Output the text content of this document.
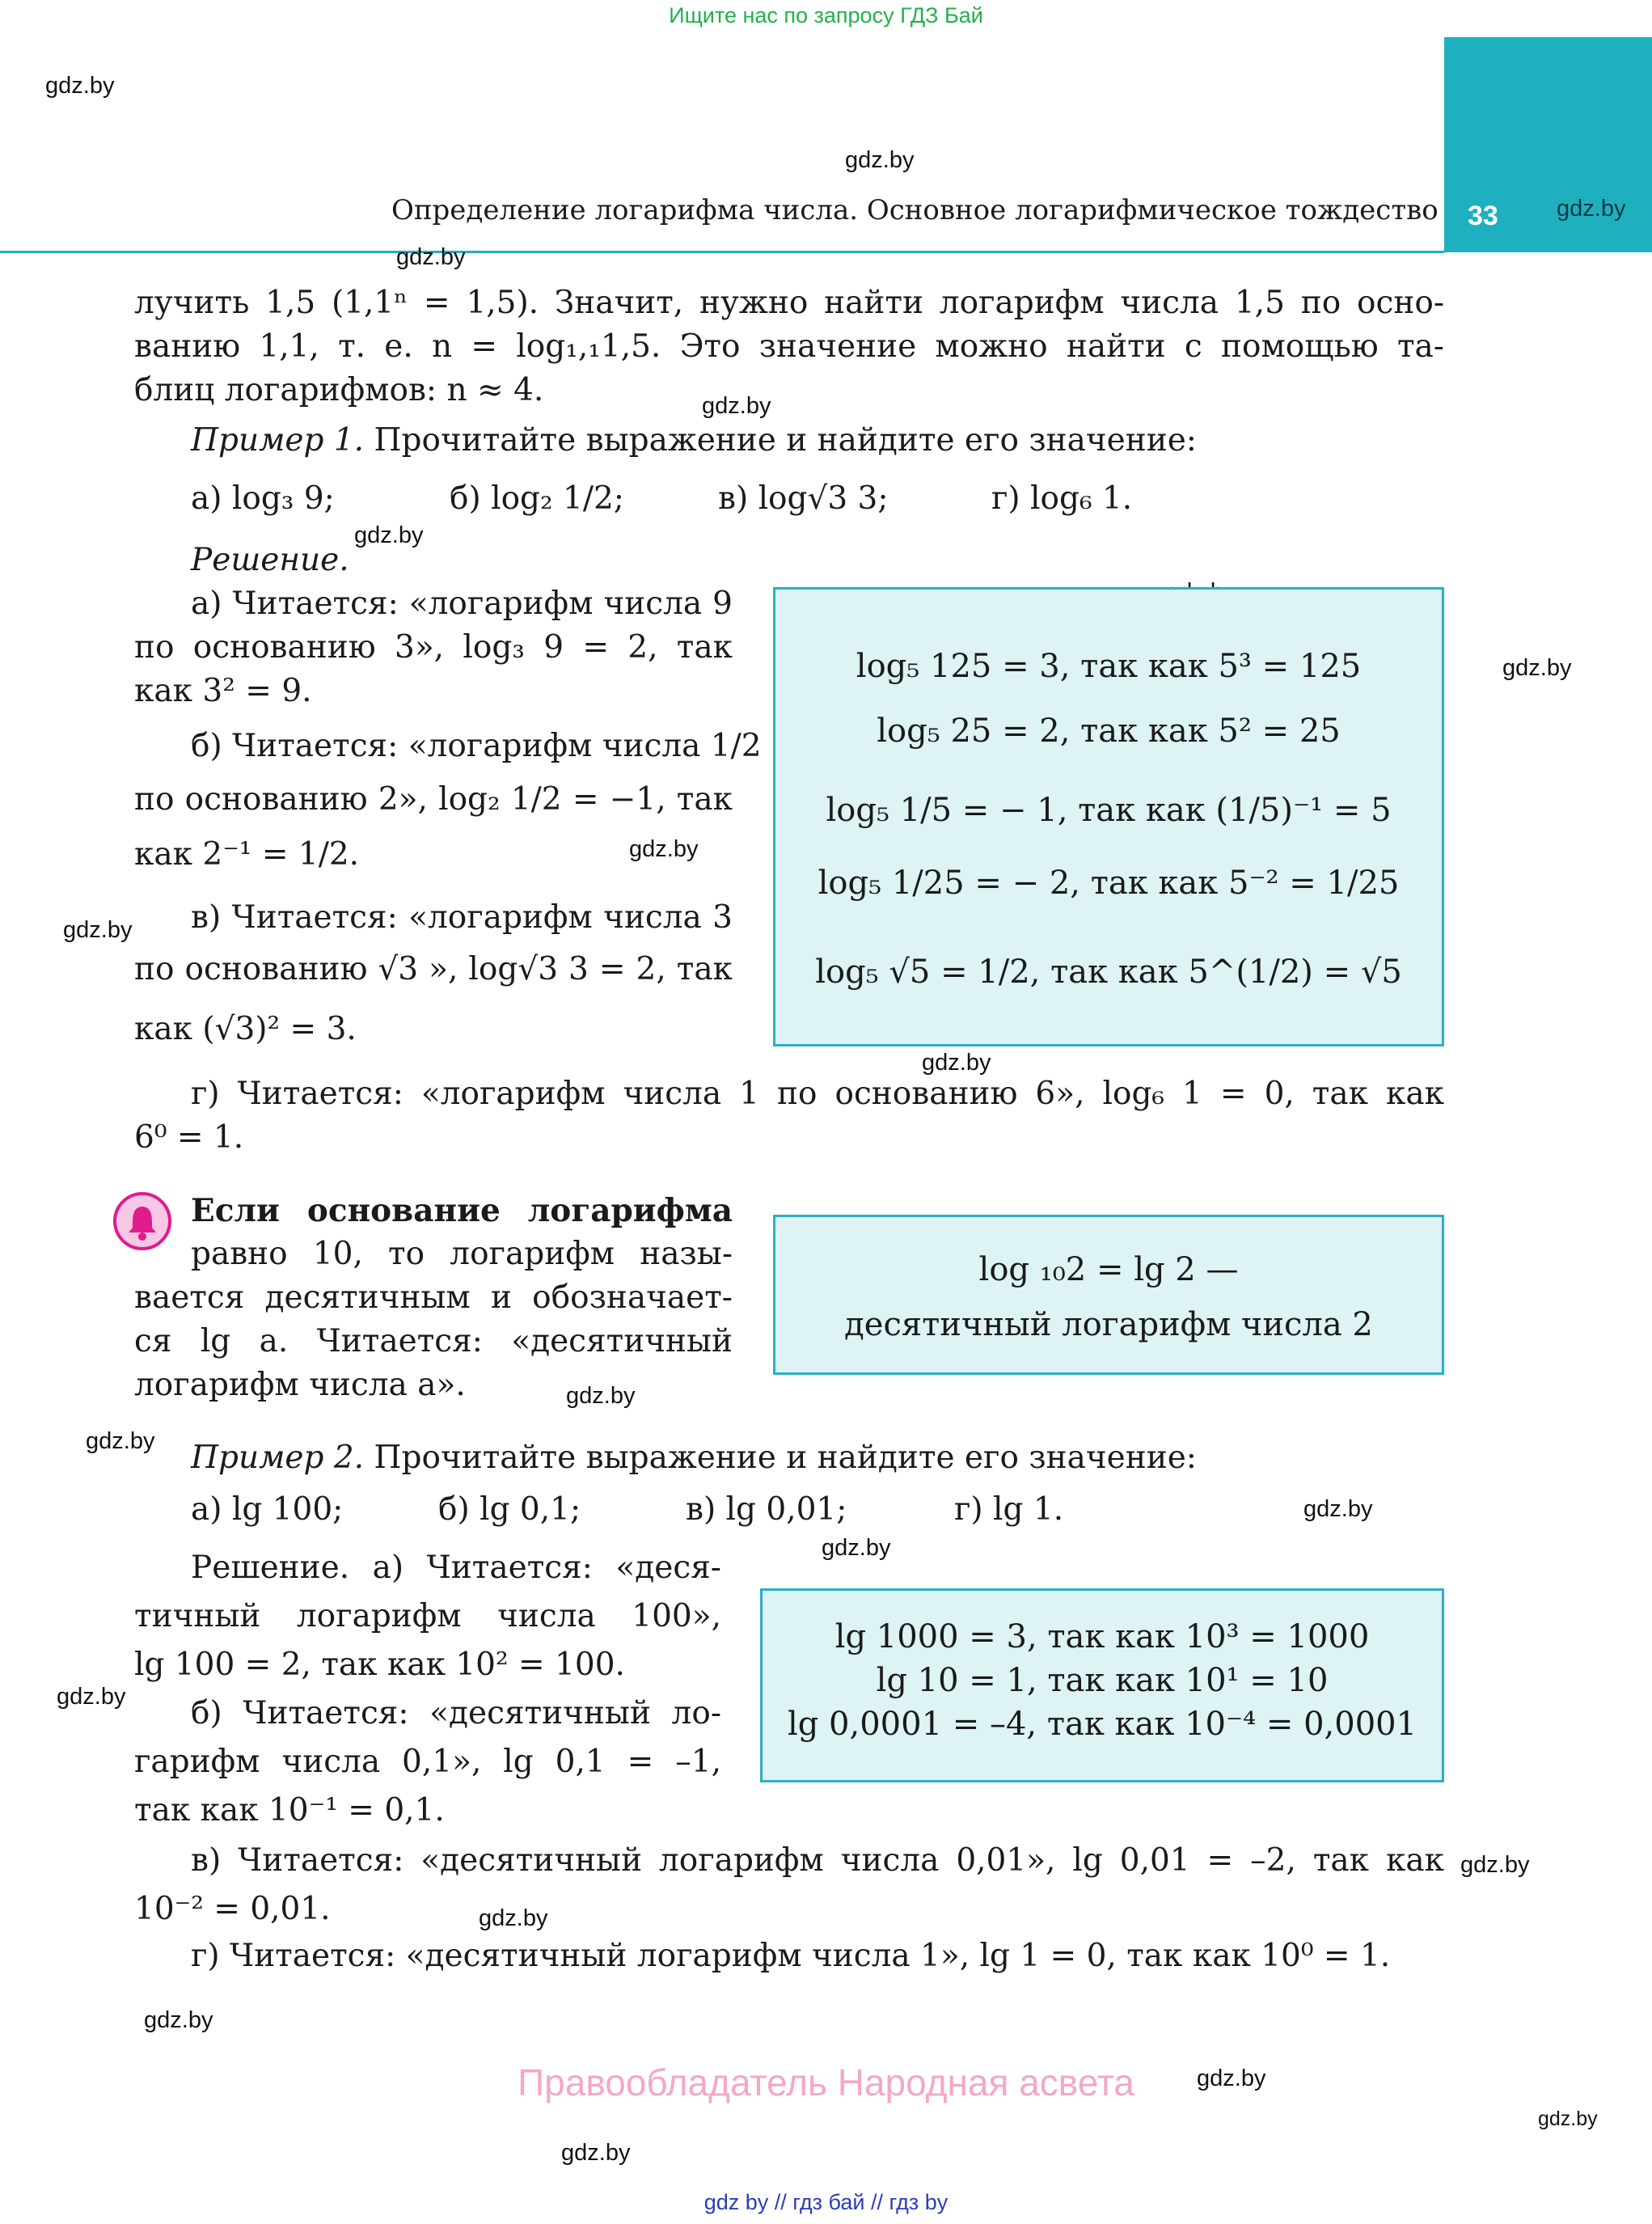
Ищите нас по запросу ГДЗ Бай
33
Определение логарифма числа. Основное логарифмическое тождество
gdz.by
gdz.by
gdz.by
gdz.by
gdz.by
gdz.by
gdz.by
gdz.by
gdz.by
gdz.by
gdz.by
gdz.by
gdz.by
gdz.by
gdz.by
gdz.by
gdz.by
gdz.by
gdz.by
gdz.by
gdz.by
лучить 1,5 (1,1ⁿ = 1,5). Значит, нужно найти логарифм числа 1,5 по осно-
ванию 1,1, т. е. n = log₁,₁1,5. Это значение можно найти с помощью та-
блиц логарифмов: n ≈ 4.
Пример 1. Прочитайте выражение и найдите его значение:
а) log₃ 9;	б) log₂ 1/2;	в) log√3 3;	г) log₆ 1.
Решение.
а) Читается: «логарифм числа 9
по основанию 3», log₃ 9 = 2, так
как 3² = 9.
б) Читается: «логарифм числа 1/2
по основанию 2», log₂ 1/2 = −1, так
как 2⁻¹ = 1/2.
в) Читается: «логарифм числа 3
по основанию √3 », log√3 3 = 2, так
как (√3)² = 3.
г) Читается: «логарифм числа 1 по основанию 6», log₆ 1 = 0, так как
6⁰ = 1.
log₅ 125 = 3, так как 5³ = 125
log₅ 25 = 2, так как 5² = 25
log₅ 1/5 = − 1, так как (1/5)⁻¹ = 5
log₅ 1/25 = − 2, так как 5⁻² = 1/25
log₅ √5 = 1/2, так как 5^(1/2) = √5
Если основание логарифма
равно 10, то логарифм назы-
вается десятичным и обозначает-
ся lg a. Читается: «десятичный
логарифм числа a».
log ₁₀2 = lg 2 —
десятичный логарифм числа 2
Пример 2. Прочитайте выражение и найдите его значение:
а) lg 100;	б) lg 0,1;	в) lg 0,01;	г) lg 1.
Решение. а) Читается: «деся-
тичный логарифм числа 100»,
lg 100 = 2, так как 10² = 100.
б) Читается: «десятичный ло-
гарифм числа 0,1», lg 0,1 = –1,
так как 10⁻¹ = 0,1.
в) Читается: «десятичный логарифм числа 0,01», lg 0,01 = –2, так как
10⁻² = 0,01.
г) Читается: «десятичный логарифм числа 1», lg 1 = 0, так как 10⁰ = 1.
lg 1000 = 3, так как 10³ = 1000
lg 10 = 1, так как 10¹ = 10
lg 0,0001 = –4, так как 10⁻⁴ = 0,0001
Правообладатель Народная асвета
gdz by // гдз бай // гдз by
